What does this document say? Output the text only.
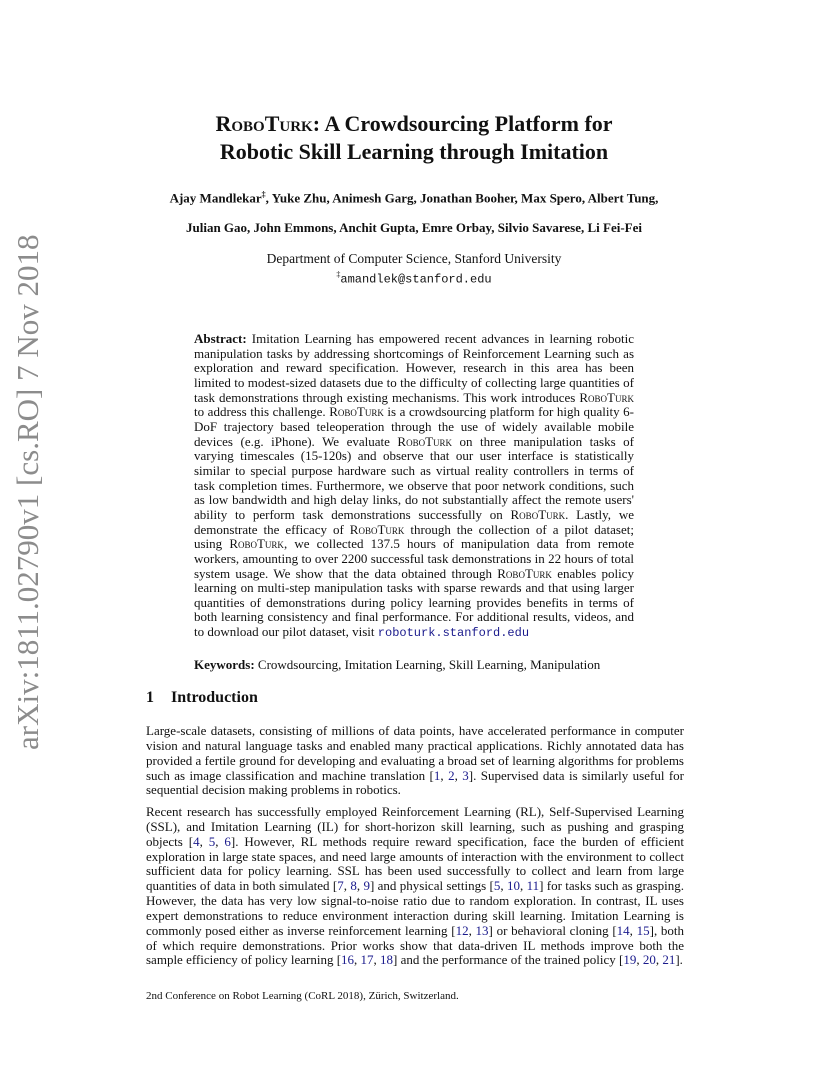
arXiv:1811.02790v1 [cs.RO] 7 Nov 2018
RoboTurk: A Crowdsourcing Platform for
Robotic Skill Learning through Imitation
Ajay Mandlekar‡, Yuke Zhu, Animesh Garg, Jonathan Booher, Max Spero, Albert Tung,
Julian Gao, John Emmons, Anchit Gupta, Emre Orbay, Silvio Savarese, Li Fei-Fei
Department of Computer Science, Stanford University
‡amandlek@stanford.edu
Abstract: Imitation Learning has empowered recent advances in learning robotic manipulation tasks by addressing shortcomings of Reinforcement Learning such as exploration and reward specification. However, research in this area has been limited to modest-sized datasets due to the difficulty of collecting large quantities of task demonstrations through existing mechanisms. This work introduces RoboTurk to address this challenge. RoboTurk is a crowdsourcing platform for high quality 6-DoF trajectory based teleoperation through the use of widely available mobile devices (e.g. iPhone). We evaluate RoboTurk on three manipulation tasks of varying timescales (15-120s) and observe that our user interface is statistically similar to special purpose hardware such as virtual reality controllers in terms of task completion times. Furthermore, we observe that poor network conditions, such as low bandwidth and high delay links, do not substantially affect the remote users' ability to perform task demonstrations successfully on RoboTurk. Lastly, we demonstrate the efficacy of RoboTurk through the collection of a pilot dataset; using RoboTurk, we collected 137.5 hours of manipulation data from remote workers, amounting to over 2200 successful task demonstrations in 22 hours of total system usage. We show that the data obtained through RoboTurk enables policy learning on multi-step manipulation tasks with sparse rewards and that using larger quantities of demonstrations during policy learning provides benefits in terms of both learning consistency and final performance. For additional results, videos, and to download our pilot dataset, visit roboturk.stanford.edu
Keywords: Crowdsourcing, Imitation Learning, Skill Learning, Manipulation
1 Introduction
Large-scale datasets, consisting of millions of data points, have accelerated performance in computer vision and natural language tasks and enabled many practical applications. Richly annotated data has provided a fertile ground for developing and evaluating a broad set of learning algorithms for problems such as image classification and machine translation [1, 2, 3]. Supervised data is similarly useful for sequential decision making problems in robotics.
Recent research has successfully employed Reinforcement Learning (RL), Self-Supervised Learning (SSL), and Imitation Learning (IL) for short-horizon skill learning, such as pushing and grasping objects [4, 5, 6]. However, RL methods require reward specification, face the burden of efficient exploration in large state spaces, and need large amounts of interaction with the environment to collect sufficient data for policy learning. SSL has been used successfully to collect and learn from large quantities of data in both simulated [7, 8, 9] and physical settings [5, 10, 11] for tasks such as grasping. However, the data has very low signal-to-noise ratio due to random exploration. In contrast, IL uses expert demonstrations to reduce environment interaction during skill learning. Imitation Learning is commonly posed either as inverse reinforcement learning [12, 13] or behavioral cloning [14, 15], both of which require demonstrations. Prior works show that data-driven IL methods improve both the sample efficiency of policy learning [16, 17, 18] and the performance of the trained policy [19, 20, 21].
2nd Conference on Robot Learning (CoRL 2018), Zürich, Switzerland.
